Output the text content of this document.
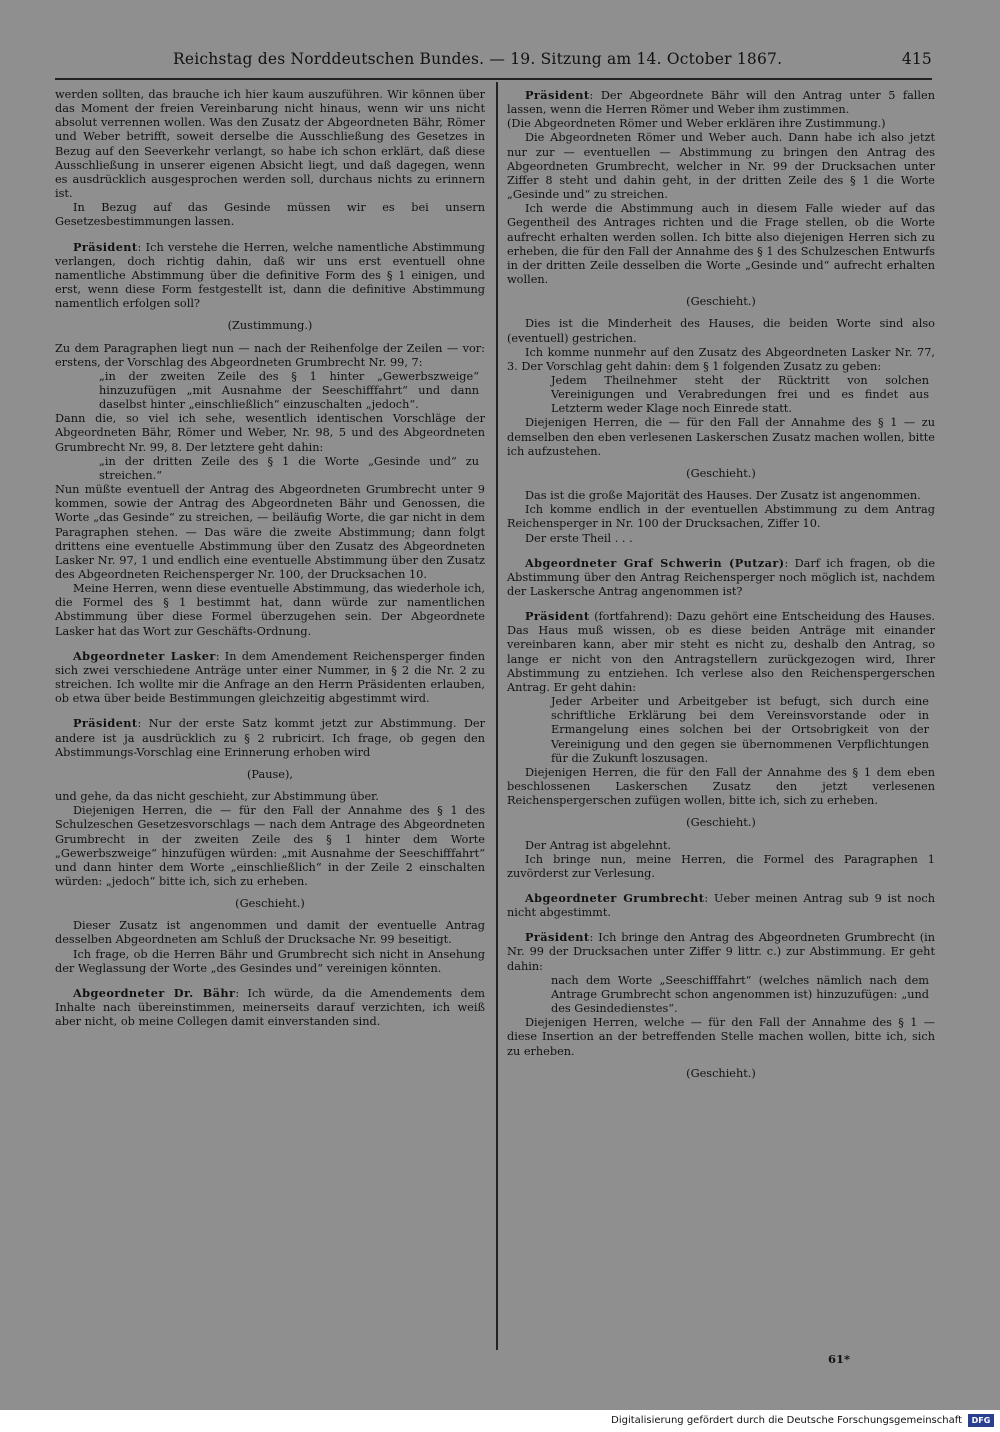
Reichstag des Norddeutschen Bundes. — 19. Sitzung am 14. October 1867.	415

werden sollten, das brauche ich hier kaum auszuführen. Wir können über das Moment der freien Vereinbarung nicht hinaus, wenn wir uns nicht absolut verrennen wollen. Was den Zusatz der Abgeordneten Bähr, Römer und Weber betrifft, soweit derselbe die Ausschließung des Gesetzes in Bezug auf den Seeverkehr verlangt, so habe ich schon erklärt, daß diese Ausschließung in unserer eigenen Absicht liegt, und daß dagegen, wenn es ausdrücklich ausgesprochen werden soll, durchaus nichts zu erinnern ist.

In Bezug auf das Gesinde müssen wir es bei unsern Gesetzesbestimmungen lassen.

Präsident: Ich verstehe die Herren, welche namentliche Abstimmung verlangen, doch richtig dahin, daß wir uns erst eventuell ohne namentliche Abstimmung über die definitive Form des § 1 einigen, und erst, wenn diese Form festgestellt ist, dann die definitive Abstimmung namentlich erfolgen soll?

(Zustimmung.)

Zu dem Paragraphen liegt nun — nach der Reihenfolge der Zeilen — vor: erstens, der Vorschlag des Abgeordneten Grumbrecht Nr. 99, 7:

„in der zweiten Zeile des § 1 hinter „Gewerbszweige“ hinzuzufügen „mit Ausnahme der Seeschifffahrt“ und dann daselbst hinter „einschließlich“ einzuschalten „jedoch“.

Dann die, so viel ich sehe, wesentlich identischen Vorschläge der Abgeordneten Bähr, Römer und Weber, Nr. 98, 5 und des Abgeordneten Grumbrecht Nr. 99, 8. Der letztere geht dahin:

„in der dritten Zeile des § 1 die Worte „Gesinde und“ zu streichen.“

Nun müßte eventuell der Antrag des Abgeordneten Grumbrecht unter 9 kommen, sowie der Antrag des Abgeordneten Bähr und Genossen, die Worte „das Gesinde“ zu streichen, — beiläufig Worte, die gar nicht in dem Paragraphen stehen. — Das wäre die zweite Abstimmung; dann folgt drittens eine eventuelle Abstimmung über den Zusatz des Abgeordneten Lasker Nr. 97, 1 und endlich eine eventuelle Abstimmung über den Zusatz des Abgeordneten Reichensperger Nr. 100, der Drucksachen 10.

Meine Herren, wenn diese eventuelle Abstimmung, das wiederhole ich, die Formel des § 1 bestimmt hat, dann würde zur namentlichen Abstimmung über diese Formel überzugehen sein. Der Abgeordnete Lasker hat das Wort zur Geschäfts-Ordnung.

Abgeordneter Lasker: In dem Amendement Reichensperger finden sich zwei verschiedene Anträge unter einer Nummer, in § 2 die Nr. 2 zu streichen. Ich wollte mir die Anfrage an den Herrn Präsidenten erlauben, ob etwa über beide Bestimmungen gleichzeitig abgestimmt wird.

Präsident: Nur der erste Satz kommt jetzt zur Abstimmung. Der andere ist ja ausdrücklich zu § 2 rubricirt. Ich frage, ob gegen den Abstimmungs-Vorschlag eine Erinnerung erhoben wird

(Pause),

und gehe, da das nicht geschieht, zur Abstimmung über.

Diejenigen Herren, die — für den Fall der Annahme des § 1 des Schulzeschen Gesetzesvorschlags — nach dem Antrage des Abgeordneten Grumbrecht in der zweiten Zeile des § 1 hinter dem Worte „Gewerbszweige“ hinzufügen würden: „mit Ausnahme der Seeschifffahrt“ und dann hinter dem Worte „einschließlich“ in der Zeile 2 einschalten würden: „jedoch“ bitte ich, sich zu erheben.

(Geschieht.)

Dieser Zusatz ist angenommen und damit der eventuelle Antrag desselben Abgeordneten am Schluß der Drucksache Nr. 99 beseitigt.

Ich frage, ob die Herren Bähr und Grumbrecht sich nicht in Ansehung der Weglassung der Worte „des Gesindes und“ vereinigen könnten.

Abgeordneter Dr. Bähr: Ich würde, da die Amendements dem Inhalte nach übereinstimmen, meinerseits darauf verzichten, ich weiß aber nicht, ob meine Collegen damit einverstanden sind.

Präsident: Der Abgeordnete Bähr will den Antrag unter 5 fallen lassen, wenn die Herren Römer und Weber ihm zustimmen.

(Die Abgeordneten Römer und Weber erklären ihre Zustimmung.)

Die Abgeordneten Römer und Weber auch. Dann habe ich also jetzt nur zur — eventuellen — Abstimmung zu bringen den Antrag des Abgeordneten Grumbrecht, welcher in Nr. 99 der Drucksachen unter Ziffer 8 steht und dahin geht, in der dritten Zeile des § 1 die Worte „Gesinde und“ zu streichen.

Ich werde die Abstimmung auch in diesem Falle wieder auf das Gegentheil des Antrages richten und die Frage stellen, ob die Worte aufrecht erhalten werden sollen. Ich bitte also diejenigen Herren sich zu erheben, die für den Fall der Annahme des § 1 des Schulzeschen Entwurfs in der dritten Zeile desselben die Worte „Gesinde und“ aufrecht erhalten wollen.

(Geschieht.)

Dies ist die Minderheit des Hauses, die beiden Worte sind also (eventuell) gestrichen.

Ich komme nunmehr auf den Zusatz des Abgeordneten Lasker Nr. 77, 3. Der Vorschlag geht dahin: dem § 1 folgenden Zusatz zu geben:

Jedem Theilnehmer steht der Rücktritt von solchen Vereinigungen und Verabredungen frei und es findet aus Letzterm weder Klage noch Einrede statt.

Diejenigen Herren, die — für den Fall der Annahme des § 1 — zu demselben den eben verlesenen Laskerschen Zusatz machen wollen, bitte ich aufzustehen.

(Geschieht.)

Das ist die große Majorität des Hauses. Der Zusatz ist angenommen.

Ich komme endlich in der eventuellen Abstimmung zu dem Antrag Reichensperger in Nr. 100 der Drucksachen, Ziffer 10.

Der erste Theil . . .

Abgeordneter Graf Schwerin (Putzar): Darf ich fragen, ob die Abstimmung über den Antrag Reichensperger noch möglich ist, nachdem der Laskersche Antrag angenommen ist?

Präsident (fortfahrend): Dazu gehört eine Entscheidung des Hauses. Das Haus muß wissen, ob es diese beiden Anträge mit einander vereinbaren kann, aber mir steht es nicht zu, deshalb den Antrag, so lange er nicht von den Antragstellern zurückgezogen wird, Ihrer Abstimmung zu entziehen. Ich verlese also den Reichenspergerschen Antrag. Er geht dahin:

Jeder Arbeiter und Arbeitgeber ist befugt, sich durch eine schriftliche Erklärung bei dem Vereinsvorstande oder in Ermangelung eines solchen bei der Ortsobrigkeit von der Vereinigung und den gegen sie übernommenen Verpflichtungen für die Zukunft loszusagen.

Diejenigen Herren, die für den Fall der Annahme des § 1 dem eben beschlossenen Laskerschen Zusatz den jetzt verlesenen Reichenspergerschen zufügen wollen, bitte ich, sich zu erheben.

(Geschieht.)

Der Antrag ist abgelehnt.

Ich bringe nun, meine Herren, die Formel des Paragraphen 1 zuvörderst zur Verlesung.

Abgeordneter Grumbrecht: Ueber meinen Antrag sub 9 ist noch nicht abgestimmt.

Präsident: Ich bringe den Antrag des Abgeordneten Grumbrecht (in Nr. 99 der Drucksachen unter Ziffer 9 littr. c.) zur Abstimmung. Er geht dahin:

nach dem Worte „Seeschifffahrt“ (welches nämlich nach dem Antrage Grumbrecht schon angenommen ist) hinzuzufügen: „und des Gesindedienstes“.

Diejenigen Herren, welche — für den Fall der Annahme des § 1 — diese Insertion an der betreffenden Stelle machen wollen, bitte ich, sich zu erheben.

(Geschieht.)

61*
Digitalisierung gefördert durch die Deutsche Forschungsgemeinschaft	DFG
